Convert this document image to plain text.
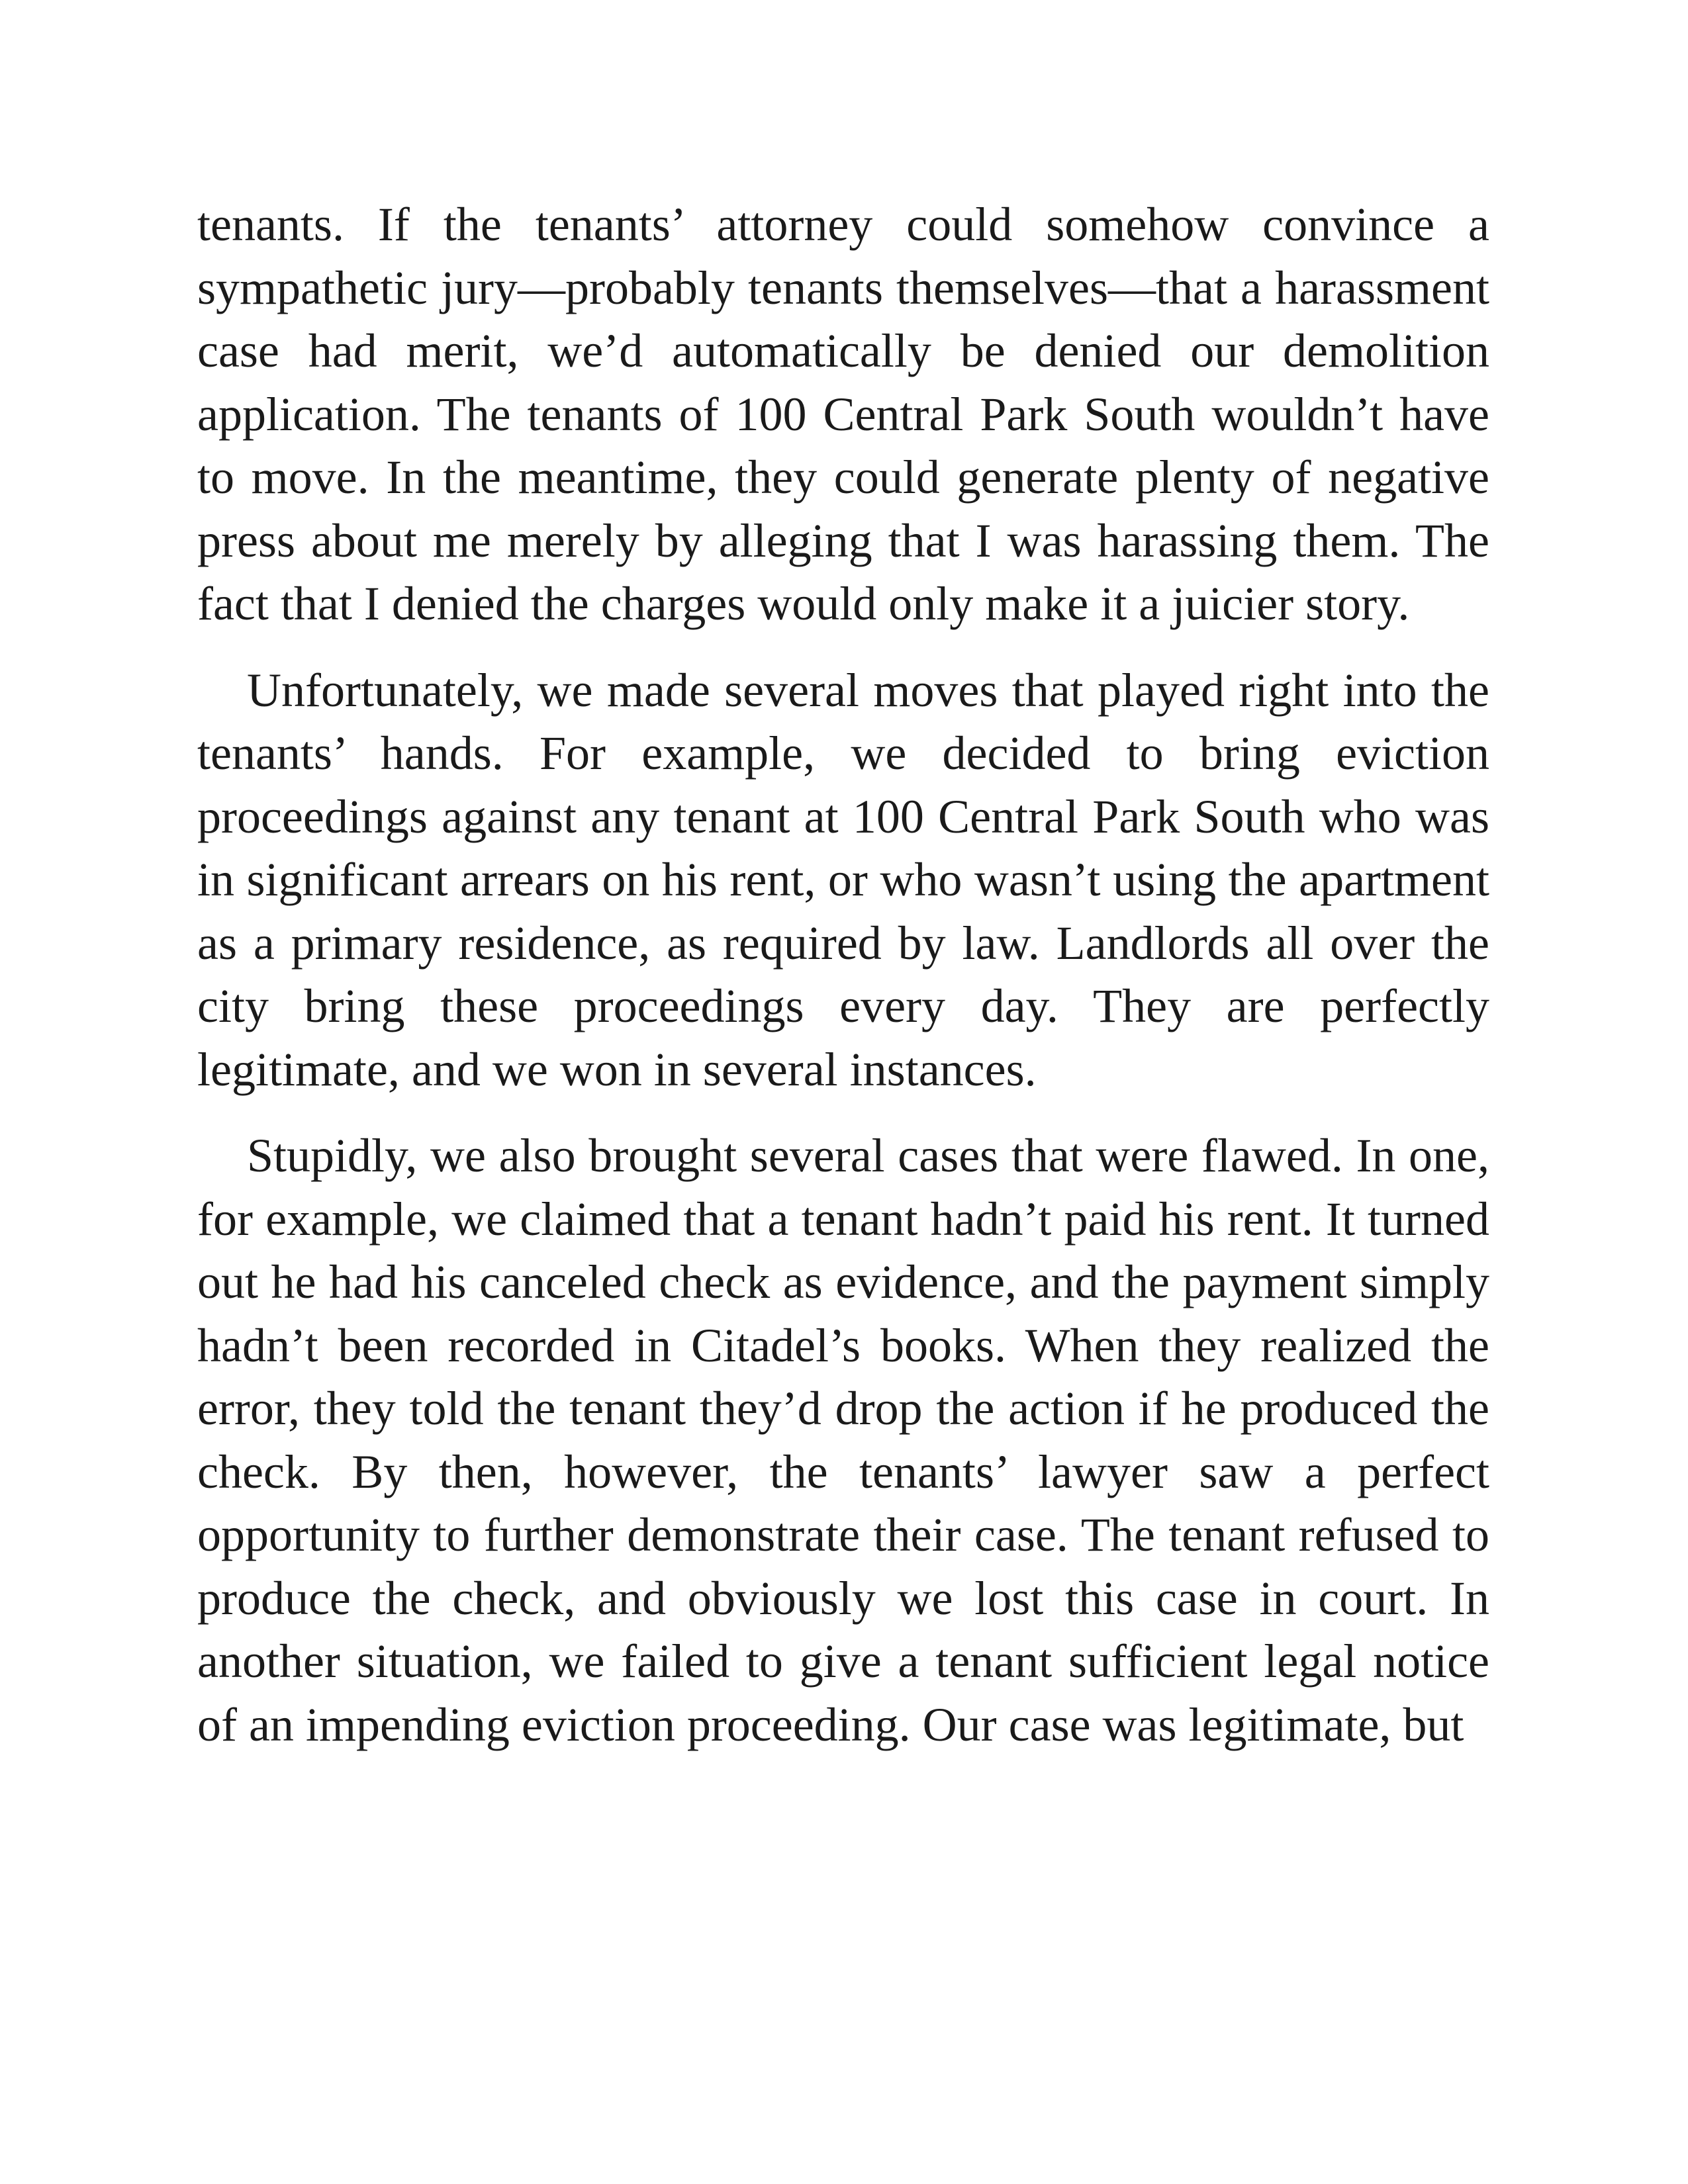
tenants. If the tenants’ attorney could somehow convince a sympathetic jury—probably tenants themselves—that a harassment case had merit, we’d automatically be denied our demolition application. The tenants of 100 Central Park South wouldn’t have to move. In the meantime, they could generate plenty of negative press about me merely by alleging that I was harassing them. The fact that I denied the charges would only make it a juicier story.

Unfortunately, we made several moves that played right into the tenants’ hands. For example, we decided to bring eviction proceedings against any tenant at 100 Central Park South who was in significant arrears on his rent, or who wasn’t using the apartment as a primary residence, as required by law. Landlords all over the city bring these proceedings every day. They are perfectly legitimate, and we won in several instances.

Stupidly, we also brought several cases that were flawed. In one, for example, we claimed that a tenant hadn’t paid his rent. It turned out he had his canceled check as evidence, and the payment simply hadn’t been recorded in Citadel’s books. When they realized the error, they told the tenant they’d drop the action if he produced the check. By then, however, the tenants’ lawyer saw a perfect opportunity to further demonstrate their case. The tenant refused to produce the check, and obviously we lost this case in court. In another situation, we failed to give a tenant sufficient legal notice of an impending eviction proceeding. Our case was legitimate, but
